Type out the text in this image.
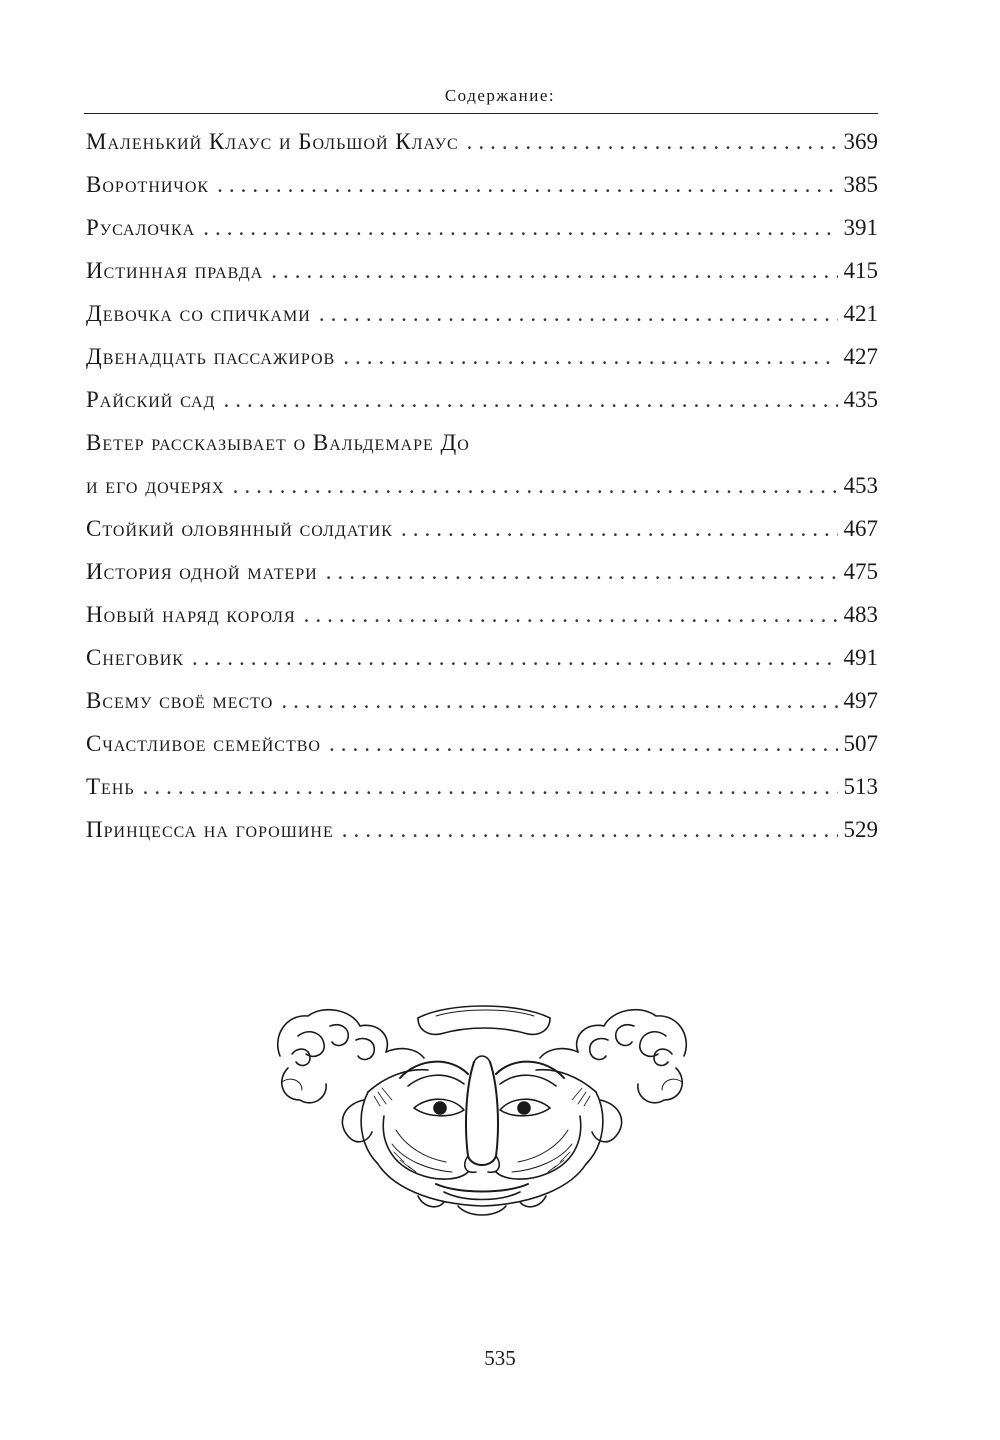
Содержание:
Маленький Клаус и Большой Клаус .....	369
Воротничок .....	385
Русалочка .....	391
Истинная правда .....	415
Девочка со спичками .....	421
Двенадцать пассажиров .....	427
Райский сад .....	435
Ветер рассказывает о Вальдемаре До
и его дочерях .....	453
Стойкий оловянный солдатик .....	467
История одной матери .....	475
Новый наряд короля .....	483
Снеговик .....	491
Всему своё место .....	497
Счастливое семейство .....	507
Тень .....	513
Принцесса на горошине .....	529
535
